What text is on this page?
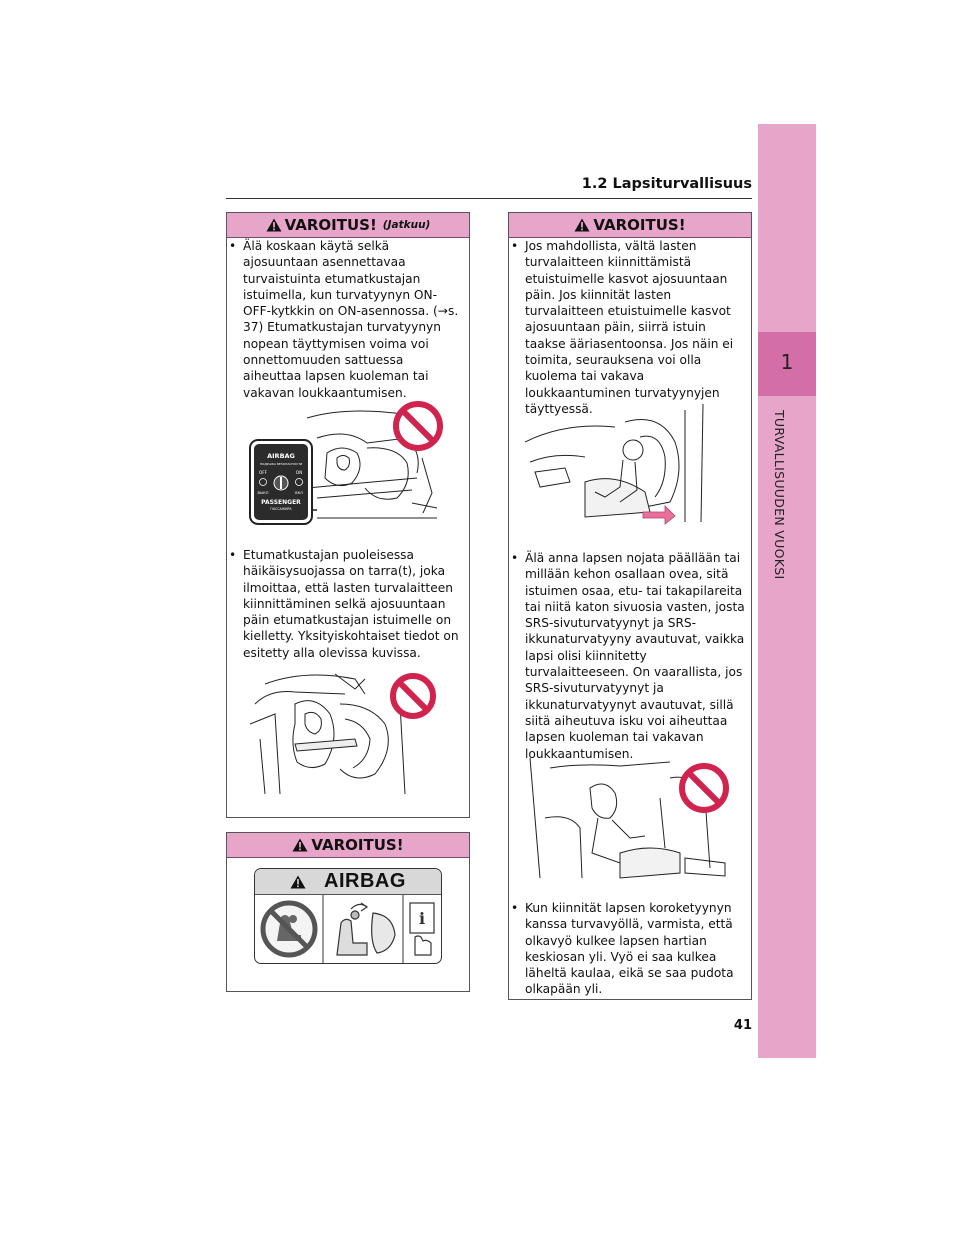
1
TURVALLISUUDEN VUOKSI
1.2 Lapsiturvallisuus
VAROITUS! (Jatkuu)
• Älä koskaan käytä selkä ajosuuntaan asennettavaa turvaistuinta etumatkustajan istuimella, kun turvatyynyn ON-OFF-kytkkin on ON-asennossa. (→s. 37) Etumatkustajan turvatyynyn nopean täyttymisen voima voi onnettomuuden sattuessa aiheuttaa lapsen kuoleman tai vakavan loukkaantumisen.
AIRBAG
ПОДУШКА БЕЗОПАСНОСТИ
OFF	ON
ВЫКЛ	ВКЛ
PASSENGER
ПАССАЖИРА
• Etumatkustajan puoleisessa häikäisysuojassa on tarra(t), joka ilmoittaa, että lasten turvalaitteen kiinnittäminen selkä ajosuuntaan päin etumatkustajan istuimelle on kielletty. Yksityiskohtaiset tiedot on esitetty alla olevissa kuvissa.
VAROITUS!
AIRBAG
i
VAROITUS!
• Jos mahdollista, vältä lasten turvalaitteen kiinnittämistä etuistuimelle kasvot ajosuuntaan päin. Jos kiinnität lasten turvalaitteen etuistuimelle kasvot ajosuuntaan päin, siirrä istuin taakse ääriasentoonsa. Jos näin ei toimita, seurauksena voi olla kuolema tai vakava loukkaantuminen turvatyynyjen täyttyessä.
• Älä anna lapsen nojata päällään tai millään kehon osallaan ovea, sitä istuimen osaa, etu- tai takapilareita tai niitä katon sivuosia vasten, josta SRS-sivuturvatyynyt ja SRS-ikkunaturvatyyny avautuvat, vaikka lapsi olisi kiinnitetty turvalaitteeseen. On vaarallista, jos SRS-sivuturvatyynyt ja ikkunaturvatyynyt avautuvat, sillä siitä aiheutuva isku voi aiheuttaa lapsen kuoleman tai vakavan loukkaantumisen.
• Kun kiinnität lapsen koroketyynyn kanssa turvavyöllä, varmista, että olkavyö kulkee lapsen hartian keskiosan yli. Vyö ei saa kulkea läheltä kaulaa, eikä se saa pudota olkapään yli.
41
